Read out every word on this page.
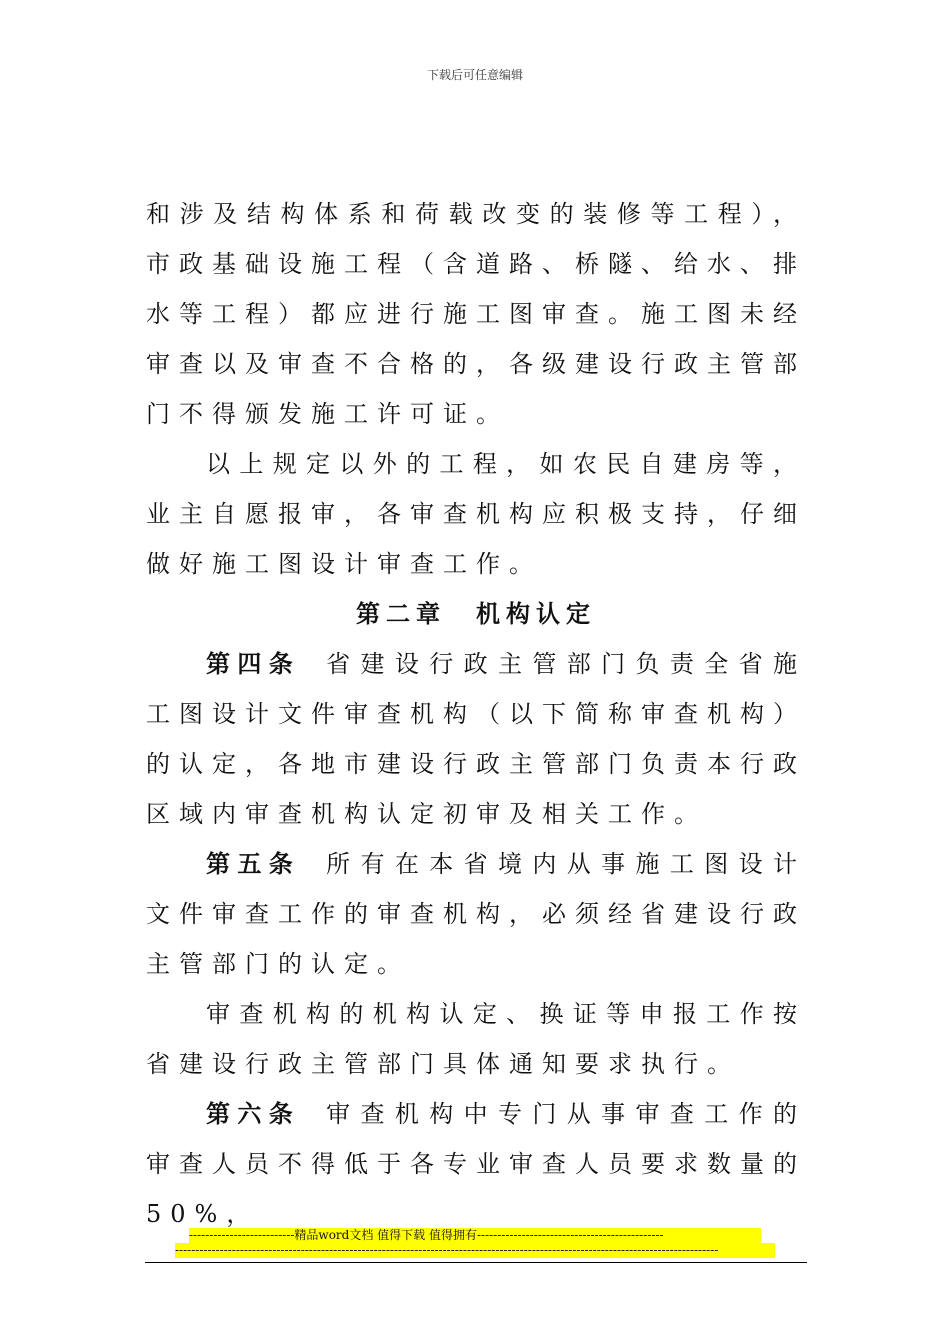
下载后可任意编辑

和涉及结构体系和荷载改变的装修等工程），市政基础设施工程（含道路、桥隧、给水、排水等工程）都应进行施工图审查。施工图未经审查以及审查不合格的，各级建设行政主管部门不得颁发施工许可证。

以上规定以外的工程，如农民自建房等，业主自愿报审，各审查机构应积极支持，仔细做好施工图设计审查工作。

第二章 机构认定

第四条 省建设行政主管部门负责全省施工图设计文件审查机构（以下简称审查机构）的认定，各地市建设行政主管部门负责本行政区域内审查机构认定初审及相关工作。

第五条 所有在本省境内从事施工图设计文件审查工作的审查机构，必须经省建设行政主管部门的认定。

审查机构的机构认定、换证等申报工作按省建设行政主管部门具体通知要求执行。

第六条 审查机构中专门从事审查工作的审查人员不得低于各专业审查人员要求数量的50%，

--------------------------精品word文档 值得下载 值得拥有----------------------------------------------
--------------------------------------------------------------------------------------------------------------------------------------
